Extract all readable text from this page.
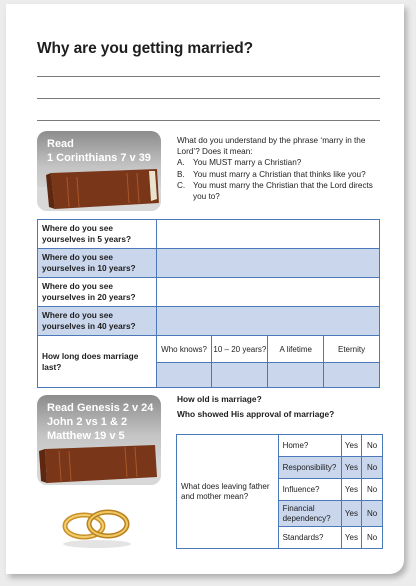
Why are you getting married?
Read
1 Corinthians 7 v 39
What do you understand by the phrase ‘marry in the Lord’? Does it mean:
A.	You MUST marry a Christian?
B.	You must marry a Christian that thinks like you?
C. You must marry the Christian that the Lord directs you to?
Where do you see yourselves in 5 years?				
Where do you see yourselves in 10 years?				
Where do you see yourselves in 20 years?				
Where do you see yourselves in 40 years?				
How long does marriage last?	Who knows?	10 – 20 years?	A lifetime	Eternity

Read Genesis 2 v 24
John 2 vs 1 & 2
Matthew 19 v 5
How old is marriage?
Who showed His approval of marriage?
What does leaving father and mother mean?	Home?	Yes	No
	Responsibility?	Yes	No
	Influence?	Yes	No
	Financial dependency?	Yes	No
	Standards?	Yes	No
